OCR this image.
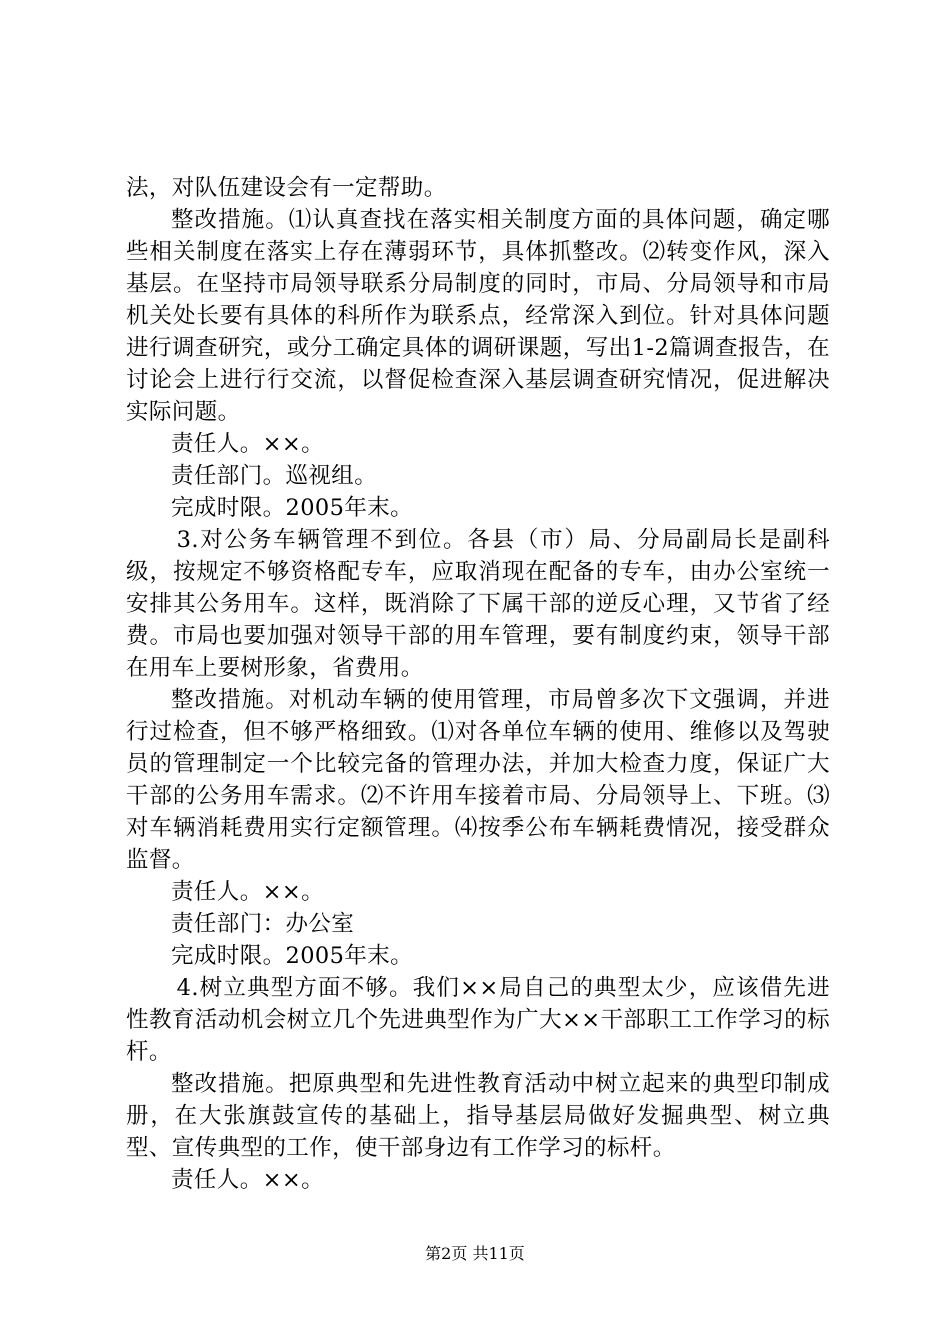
法，对队伍建设会有一定帮助。

整改措施。⑴认真查找在落实相关制度方面的具体问题，确定哪些相关制度在落实上存在薄弱环节，具体抓整改。⑵转变作风，深入基层。在坚持市局领导联系分局制度的同时，市局、分局领导和市局机关处长要有具体的科所作为联系点，经常深入到位。针对具体问题进行调查研究，或分工确定具体的调研课题，写出1-2篇调查报告，在讨论会上进行行交流，以督促检查深入基层调查研究情况，促进解决实际问题。

责任人。××。

责任部门。巡视组。

完成时限。2005年末。

3.对公务车辆管理不到位。各县（市）局、分局副局长是副科级，按规定不够资格配专车，应取消现在配备的专车，由办公室统一安排其公务用车。这样，既消除了下属干部的逆反心理，又节省了经费。市局也要加强对领导干部的用车管理，要有制度约束，领导干部在用车上要树形象，省费用。

整改措施。对机动车辆的使用管理，市局曾多次下文强调，并进行过检查，但不够严格细致。⑴对各单位车辆的使用、维修以及驾驶员的管理制定一个比较完备的管理办法，并加大检查力度，保证广大干部的公务用车需求。⑵不许用车接着市局、分局领导上、下班。⑶对车辆消耗费用实行定额管理。⑷按季公布车辆耗费情况，接受群众监督。

责任人。××。

责任部门：办公室

完成时限。2005年末。

4.树立典型方面不够。我们××局自己的典型太少，应该借先进性教育活动机会树立几个先进典型作为广大××干部职工工作学习的标杆。

整改措施。把原典型和先进性教育活动中树立起来的典型印制成册，在大张旗鼓宣传的基础上，指导基层局做好发掘典型、树立典型、宣传典型的工作，使干部身边有工作学习的标杆。

责任人。××。

第2页 共11页
